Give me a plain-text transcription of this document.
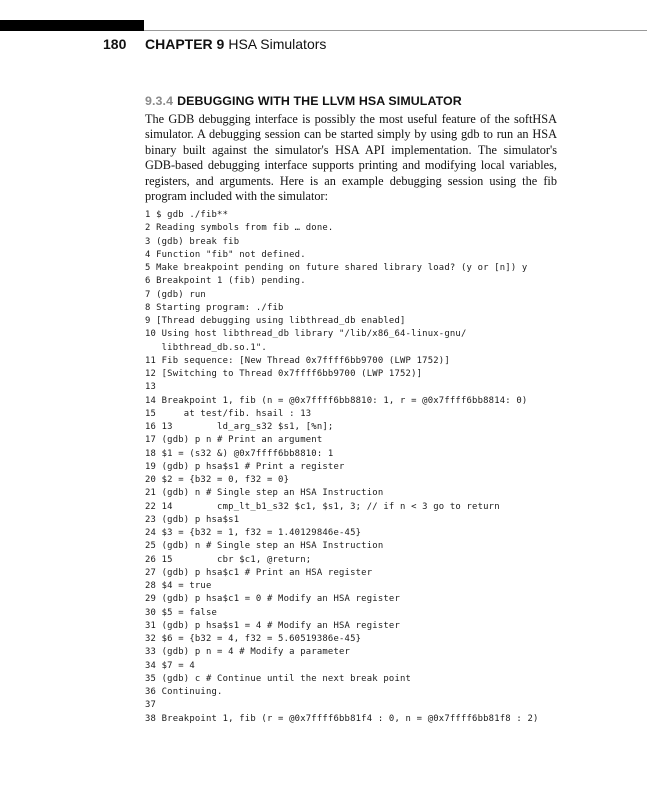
180 CHAPTER 9 HSA Simulators
9.3.4 DEBUGGING WITH THE LLVM HSA SIMULATOR

The GDB debugging interface is possibly the most useful feature of the softHSA simulator. A debugging session can be started simply by using gdb to run an HSA binary built against the simulator's HSA API implementation. The simulator's GDB-based debugging interface supports printing and modifying local variables, registers, and arguments. Here is an example debugging session using the fib program included with the simulator:

1 $ gdb ./fib**
2 Reading symbols from fib … done.
3 (gdb) break fib
4 Function "fib" not defined.
5 Make breakpoint pending on future shared library load? (y or [n]) y
6 Breakpoint 1 (fib) pending.
7 (gdb) run
8 Starting program: ./fib
9 [Thread debugging using libthread_db enabled]
10 Using host libthread_db library "/lib/x86_64-linux-gnu/
libthread_db.so.1".
11 Fib sequence: [New Thread 0x7ffff6bb9700 (LWP 1752)]
12 [Switching to Thread 0x7ffff6bb9700 (LWP 1752)]
13
14 Breakpoint 1, fib (n = @0x7ffff6bb8810: 1, r = @0x7ffff6bb8814: 0)
15     at test/fib. hsail : 13
16 13        ld_arg_s32 $s1, [%n];
17 (gdb) p n # Print an argument
18 $1 = (s32 &) @0x7ffff6bb8810: 1
19 (gdb) p hsa$s1 # Print a register
20 $2 = {b32 = 0, f32 = 0}
21 (gdb) n # Single step an HSA Instruction
22 14        cmp_lt_b1_s32 $c1, $s1, 3; // if n < 3 go to return
23 (gdb) p hsa$s1
24 $3 = {b32 = 1, f32 = 1.40129846e-45}
25 (gdb) n # Single step an HSA Instruction
26 15        cbr $c1, @return;
27 (gdb) p hsa$c1 # Print an HSA register
28 $4 = true
29 (gdb) p hsa$c1 = 0 # Modify an HSA register
30 $5 = false
31 (gdb) p hsa$s1 = 4 # Modify an HSA register
32 $6 = {b32 = 4, f32 = 5.60519386e-45}
33 (gdb) p n = 4 # Modify a parameter
34 $7 = 4
35 (gdb) c # Continue until the next break point
36 Continuing.
37
38 Breakpoint 1, fib (r = @0x7ffff6bb81f4 : 0, n = @0x7ffff6bb81f8 : 2)
